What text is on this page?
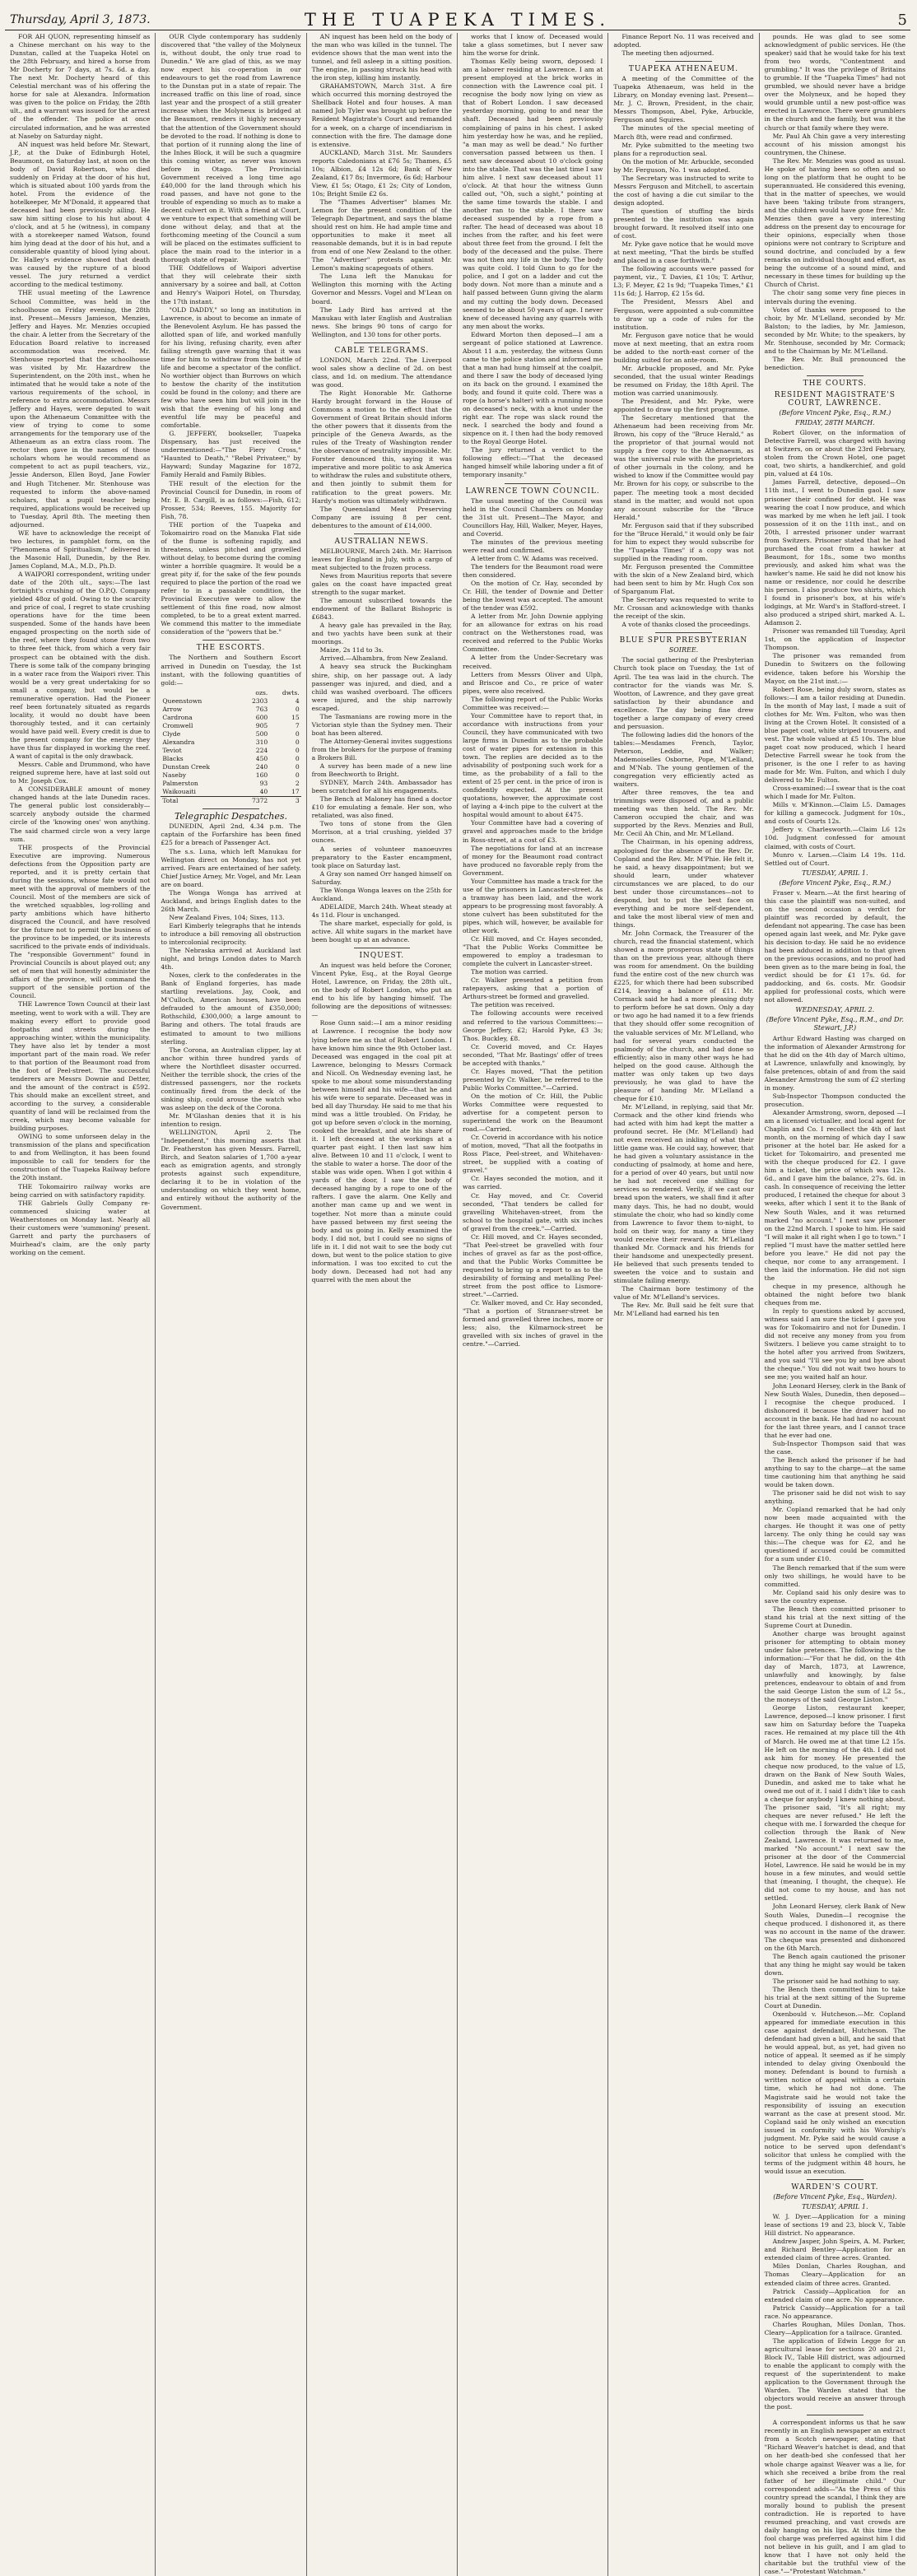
Thursday, April 3, 1873.	THE TUAPEKA TIMES.	5

FOR AH QUON, representing himself as a Chinese merchant on his way to the Dunstan, called at the Tuapeka Hotel on the 28th February, and hired a horse from Mr Docherty for 7 days, at 7s. 6d. a day. The next Mr. Docherty heard of this Celestial merchant was of his offering the horse for sale at Alexandra. Information was given to the police on Friday, the 28th ult., and a warrant was issued for the arrest of the offender. The police at once circulated information, and he was arrested at Naseby on Saturday night.

AN inquest was held before Mr. Stewart, J.P., at the Duke of Edinburgh Hotel, Beaumont, on Saturday last, at noon on the body of David Robertson, who died suddenly on Friday at the door of his hut, which is situated about 100 yards from the hotel. From the evidence of the hotelkeeper, Mr M'Donald, it appeared that deceased had been previously ailing. He saw him sitting close to his hut about 4 o'clock, and at 5 he (witness), in company with a storekeeper named Watson, found him lying dead at the door of his hut, and a considerable quantity of blood lying about. Dr. Halley's evidence showed that death was caused by the rupture of a blood vessel. The jury returned a verdict according to the medical testimony.

THE usual meeting of the Lawrence School Committee, was held in the schoolhouse on Friday evening, the 28th inst. Present—Messrs Jamieson, Menzies, Jeffery and Hayes. Mr. Menzies occupied the chair. A letter from the Secretary of the Education Board relative to increased accommodation was received. Mr. Stenhouse reported that the schoolhouse was visited by Mr. Hazardrew the Superintendent, on the 20th inst., when he intimated that he would take a note of the various requirements of the school, in reference to extra accommodation. Messrs Jeffery and Hayes, were deputed to wait upon the Athenaeum Committee with the view of trying to come to some arrangements for the temporary use of the Athenaeum as an extra class room. The rector then gave in the names of those scholars whom he would recommend as competent to act as pupil teachers, viz., Jessie Anderson, Ellen Boyd, Jane Fowler and Hugh Titchener. Mr. Stenhouse was requested to inform the above-named scholars, that a pupil teacher being required, applications would be received up to Tuesday, April 8th. The meeting then adjourned.

WE have to acknowledge the receipt of two lectures, in pamphlet form, on the "Phenomena of Spiritualism," delivered in the Masonic Hall, Dunedin, by the Rev. James Copland, M.A., M.D., Ph.D.

A WAIPORI correspondent, writing under date of the 20th ult., says:—The last fortnight's crushing of the O.P.Q. Company yielded 48oz of gold. Owing to the scarcity and price of coal, I regret to state crushing operations have for the time been suspended. Some of the hands have been engaged prospecting on the north side of the reef, where they found stone from two to three feet thick, from which a very fair prospect can be obtained with the dish. There is some talk of the company bringing in a water race from the Waipori river. This would be a very great undertaking for so small a company, but would be a remunerative operation. Had the Pioneer reef been fortunately situated as regards locality, it would no doubt have been thoroughly tested, and it can certainly would have paid well. Every credit is due to the present company for the energy they have thus far displayed in working the reef. A want of capital is the only drawback.

Messrs. Cable and Drummond, who have reigned supreme here, have at last sold out to Mr. Joseph Cox.

A CONSIDERABLE amount of money changed hands at the late Dunedin races. The general public lost considerably—scarcely anybody outside the charmed circle of the 'knowing ones' won anything. The said charmed circle won a very large sum.

THE prospects of the Provincial Executive are improving. Numerous defections from the Opposition party are reported, and it is pretty certain that during the sessions, whose fate would not meet with the approval of members of the Council. Most of the members are sick of the wretched squabbles, log-rolling and party ambitions which have hitherto disgraced the Council, and have resolved for the future not to permit the business of the province to be impeded, or its interests sacrificed to the private ends of individuals. The "responsible Government" found in Provincial Councils is about played out; any set of men that will honestly administer the affairs of the province, will command the support of the sensible portion of the Council.

THE Lawrence Town Council at their last meeting, went to work with a will. They are making every effort to provide good footpaths and streets during the approaching winter, within the municipality. They have also let by tender a most important part of the main road. We refer to that portion of the Beaumont road from the foot of Peel-street. The successful tenderers are Messrs Downie and Detter, and the amount of the contract is £592. This should make an excellent street, and according to the survey, a considerable quantity of land will be reclaimed from the creek, which may become valuable for building purposes.

OWING to some unforseen delay in the transmission of the plans and specification to and from Wellington, it has been found impossible to call for tenders for the construction of the Tuapeka Railway before the 20th instant.

THE Tokomairiro railway works are being carried on with satisfactory rapidity.

THE Gabriels Gully Company re-commenced sluicing water at Weatherstones on Monday last. Nearly all their customers were 'summoning' present. Garrett and party the purchasers of Muirhead's claim, are the only party working on the cement.

OUR Clyde contemporary has suddenly discovered that "the valley of the Molyneux is, without doubt, the only true road to Dunedin." We are glad of this, as we may now expect his co-operation in our endeavours to get the road from Lawrence to the Dunstan put in a state of repair. The increased traffic on this line of road, since last year and the prospect of a still greater increase when the Molyneux is bridged at the Beaumont, renders it highly necessary that the attention of the Government should be devoted to the road. If nothing is done to that portion of it running along the line of the Inhes Block, it will be such a quagmire this coming winter, as never was known before in Otago. The Provincial Government received a long time ago £40,000 for the land through which his road passes, and have not gone to the trouble of expending so much as to make a decent culvert on it. With a friend at Court, we venture to expect that something will be done without delay, and that at the forthcoming meeting of the Council a sum will be placed on the estimates sufficient to place the main road to the interior in a thorough state of repair.

THE Oddfellows of Waipori advertise that they will celebrate their sixth anniversary by a soiree and ball, at Cotton and Henry's Waipori Hotel, on Thursday, the 17th instant.

"OLD DADDY," so long an institution in Lawrence, is about to become an inmate of the Benevolent Asylum. He has passed the allotted span of life, and worked manfully for his living, refusing charity, even after failing strength gave warning that it was time for him to withdraw from the battle of life and become a spectator of the conflict. No worthier object than Burrows on which to bestow the charity of the institution could be found in the colony; and there are few who have seen him but will join in the wish that the evening of his long and eventful life may be peaceful and comfortable.

G. JEFFERY, bookseller, Tuapeka Dispensary, has just received the undermentioned:—"The Fiery Cross," "Haunted to Death," "Rebel Privateer," by Hayward; Sunday Magazine for 1872, Family Herald and Family Bibles.

THE result of the election for the Provincial Council for Dunedin, in room of Mr. E. B. Cargill, is as follows:—Fish, 612; Prosser, 534; Reeves, 155. Majority for Fish, 78.

THE portion of the Tuapeka and Tokomairiro road on the Manuka Flat side of the flume is softening rapidly, and threatens, unless pitched and gravelled without delay, to become during the coming winter a horrible quagmire. It would be a great pity if, for the sake of the few pounds required to place the portion of the road we refer to in a passable condition, the Provincial Executive were to allow the settlement of this fine road, now almost completed, to be to a great extent marred. We commend this matter to the immediate consideration of the "powers that be."

THE ESCORTS.

The Northern and Southern Escort arrived in Dunedin on Tuesday, the 1st instant, with the following quantities of gold:—

	ozs.	dwts.
Queenstown	2303	4
Arrow	763	0
Cardrona	600	15
Cromwell	905	7
Clyde	500	0
Alexandra	310	0
Teviot	224	0
Blacks	450	0
Dunstan Creek	240	0
Naseby	160	0
Palmerston	93	2
Waikouaiti	40	17
Total	7372	3
Telegraphic Despatches.

DUNEDIN, April 2nd, 4.34 p.m. The captain of the Forfarshire has been fined £25 for a breach of Passenger Act.

The s.s. Luna, which left Manukau for Wellington direct on Monday, has not yet arrived. Fears are entertained of her safety. Chief Justice Arney, Mr. Vogel, and Mr. Lean are on board.

The Wonga Wonga has arrived at Auckland, and brings English dates to the 26th March.

New Zealand Fives, 104; Sixes, 113.

Earl Kimberly telegraphs that he intends to introduce a bill removing all obstruction to intercolonial reciprocity.

The Nebraska arrived at Auckland last night, and brings London dates to March 4th.

Noxes, clerk to the confederates in the Bank of England forgeries, has made startling revelations. Jay, Cook, and M'Culloch, American houses, have been defrauded to the amount of £350,000; Rothschild, £300,000; a large amount to Baring and others. The total frauds are estimated to amount to two millions sterling.

The Corona, an Australian clipper, lay at anchor within three hundred yards of where the Northfleet disaster occurred. Neither the terrible shock, the cries of the distressed passengers, nor the rockets continually fired from the deck of the sinking ship, could arouse the watch who was asleep on the deck of the Corona.

Mr. M'Glashan denies that it is his intention to resign.

WELLINGTON, April 2. The "Independent," this morning asserts that Dr. Featherston has given Messrs. Farrell, Birch, and Seaton salaries of 1,700 a-year each as emigration agents, and strongly protests against such expenditure, declaring it to be in violation of the understanding on which they went home, and entirely without the authority of the Government.

AN inquest has been held on the body of the man who was killed in the tunnel. The evidence shows that the man went into the tunnel, and fell asleep in a sitting position. The engine, in passing struck his head with the iron step, killing him instantly.

GRAHAMSTOWN, March 31st. A fire which occurred this morning destroyed the Shellback Hotel and four houses. A man named Job Tyler was brought up before the Resident Magistrate's Court and remanded for a week, on a charge of incendiarism in connection with the fire. The damage done is extensive.

AUCKLAND, March 31st. Mr. Saunders reports Caledonians at £76 5s; Thames, £5 10s; Albion, £4 12s 6d; Bank of New Zealand, £17 8s; Invermore, 6s 6d; Harbour View, £1 5s; Otago, £1 2s; City of London, 10s; Bright Smile £2 6s.

The "Thames Advertiser" blames Mr. Lemon for the present condition of the Telegraph Department, and says the blame should rest on him. He had ample time and opportunities to make it meet all reasonable demands, but it is in bad repute from end of one New Zealand to the other. The "Advertiser" protests against Mr. Lemon's making scapegoats of others.

The Luna left the Manukau for Wellington this morning with the Acting Governor and Messrs. Vogel and M'Lean on board.

The Lady Bird has arrived at the Manukau with later English and Australian news. She brings 90 tons of cargo for Wellington, and 130 tons for other ports.

CABLE TELEGRAMS.

LONDON, March 22nd. The Liverpool wool sales show a decline of 2d. on best class, and 1d. on medium. The attendance was good.

The Right Honorable Mr. Gathorne Hardy brought forward in the House of Commons a motion to the effect that the Government of Great Britain should inform the other powers that it dissents from the principle of the Geneva Awards, as the rules of the Treaty of Washington render the observance of neutrality impossible. Mr. Forster denounced this, saying it was imperative and more politic to ask America to withdraw the rules and substitute others, and then jointly to submit them for ratification to the great powers. Mr. Hardy's motion was ultimately withdrawn.

The Queensland Meat Preserving Company are issuing 8 per cent. debentures to the amount of £14,000.

AUSTRALIAN NEWS.

MELBOURNE, March 24th. Mr. Harrison leaves for England in July, with a cargo of meat subjected to the frozen process.

News from Mauritius reports that severe gales on the coast have impacted great strength to the sugar market.

The amount subscribed towards the endowment of the Ballarat Bishopric is £6843.

A heavy gale has prevailed in the Bay, and two yachts have been sunk at their moorings.

Maize, 2s 11d to 3s.

Arrived.—Alhambra, from New Zealand.

A heavy sea struck the Buckingham shire, ship, on her passage out. A lady passenger was injured, and died, and a child was washed overboard. The officers were injured, and the ship narrowly escaped.

The Tasmanians are rowing more in the Victorian style than the Sydney men. Their boat has been altered.

The Attorney-General invites suggestions from the brokers for the purpose of framing a Brokers Bill.

A survey has been made of a new line from Beechworth to Bright.

SYDNEY, March 24th. Ambassador has been scratched for all his engagements.

The Bench at Maloney has fined a doctor £10 for emulating a female. Her son, who retaliated, was also fined.

Two tons of stone from the Glen Morrison, at a trial crushing, yielded 37 ounces.

A series of volunteer manoeuvres preparatory to the Easter encampment, took place on Saturday last.

A Gray son named Orr hanged himself on Saturday.

The Wonga Wonga leaves on the 25th for Auckland.

ADELAIDE, March 24th. Wheat steady at 4s 11d. Flour is unchanged.

The share market, especially for gold, is active. All white sugars in the market have been bought up at an advance.

INQUEST.

An inquest was held before the Coroner, Vincent Pyke, Esq., at the Royal George Hotel, Lawrence, on Friday, the 28th ult., on the body of Robert London, who put an end to his life by hanging himself. The following are the depositions of witnesses:—

Rose Gunn said:—I am a minor residing at Lawrence. I recognise the body now lying before me as that of Robert London. I have known him since the 9th October last. Deceased was engaged in the coal pit at Lawrence, belonging to Messrs Cormack and Nicoll. On Wednesday evening last, he spoke to me about some misunderstanding between himself and his wife—that he and his wife were to separate. Deceased was in bed all day Thursday. He said to me that his mind was a little troubled. On Friday, he got up before seven o'clock in the morning, cooked the breakfast, and ate his share of it. I left deceased at the workings at a quarter past eight. I then last saw him alive. Between 10 and 11 o'clock, I went to the stable to water a horse. The door of the stable was wide open. When I got within 4 yards of the door, I saw the body of deceased hanging by a rope to one of the rafters. I gave the alarm. One Kelly and another man came up and we went in together. Not more than a minute could have passed between my first seeing the body and us going in. Kelly examined the body. I did not, but I could see no signs of life in it. I did not wait to see the body cut down, but went to the police station to give information. I was too excited to cut the body down. Deceased had not had any quarrel with the men about the

works that I know of. Deceased would take a glass sometimes, but I never saw him the worse for drink.

Thomas Kelly being sworn, deposed: I am a laborer residing at Lawrence. I am at present employed at the brick works in connection with the Lawrence coal pit. I recognise the body now lying on view as that of Robert London. I saw deceased yesterday morning, going to and near the shaft. Deceased had been previously complaining of pains in his chest. I asked him yesterday how he was, and he replied, "a man may as well be dead." No further conversation passed between us then. I next saw deceased about 10 o'clock going into the stable. That was the last time I saw him alive. I next saw deceased about 11 o'clock. At that hour the witness Gunn called out, "Oh, such a sight," pointing at the same time towards the stable. I and another ran to the stable. I there saw deceased suspended by a rope from a rafter. The head of deceased was about 18 inches from the rafter, and his feet were about three feet from the ground. I felt the body of the deceased and the pulse. There was not then any life in the body. The body was quite cold. I told Gunn to go for the police, and I got on a ladder and cut the body down. Not more than a minute and a half passed between Gunn giving the alarm and my cutting the body down. Deceased seemed to be about 50 years of age. I never knew of deceased having any quarrels with any men about the works.

Edward Morton then deposed—I am a sergeant of police stationed at Lawrence. About 11 a.m. yesterday, the witness Gunn came to the police station and informed me that a man had hung himself at the coalpit, and there I saw the body of deceased lying on its back on the ground. I examined the body, and found it quite cold. There was a rope (a horse's halter) with a running noose on deceased's neck, with a knot under the right ear. The rope was slack round the neck. I searched the body and found a sixpence on it. I then had the body removed to the Royal George Hotel.

The jury returned a verdict to the following effect:—"That the deceased hanged himself while laboring under a fit of temporary insanity."

LAWRENCE TOWN COUNCIL.

The usual meeting of the Council was held in the Council Chambers on Monday the 31st ult. Present—The Mayor, and Councillors Hay, Hill, Walker, Meyer, Hayes, and Coverid.

The minutes of the previous meeting were read and confirmed.

A letter from C. W. Adams was received.

The tenders for the Beaumont road were then considered.

On the motion of Cr. Hay, seconded by Cr. Hill, the tender of Downie and Detter being the lowest was accepted. The amount of the tender was £592.

A letter from Mr. John Downie applying for an allowance for extras on his road contract on the Wetherstones road, was received and referred to the Public Works Committee.

A letter from the Under-Secretary was received.

Letters from Messrs Oliver and Ulph, and Briscoe and Co., re price of water pipes, were also received.

The following report of the Public Works Committee was received:—

Your Committee have to report that, in accordance with instructions from your Council, they have communicated with two large firms in Dunedin as to the probable cost of water pipes for extension in this town. The replies are decided as to the advisability of postponing such work for a time, as the probability of a fall to the extent of 25 per cent. in the price of iron is confidently expected. At the present quotations, however, the approximate cost of laying a 4-inch pipe to the culvert at the hospital would amount to about £475.

Your Committee have had a covering of gravel and approaches made to the bridge in Ross-street, at a cost of £3.

The negotiations for land at an increase of money for the Beaumont road contract have produced no favorable reply from the Government.

Your Committee has made a track for the use of the prisoners in Lancaster-street. As a tramway has been laid, and the work appears to be progressing most favorably. A stone culvert has been substituted for the pipes, which will, however, be available for other work.

Cr. Hill moved, and Cr. Hayes seconded, "That the Public Works Committee be empowered to employ a tradesman to complete the culvert in Lancaster-street.

The motion was carried.

Cr. Walker presented a petition from ratepayers, asking that a portion of Arthurs-street be formed and gravelled.

The petition was received.

The following accounts were received and referred to the various Committees:—George Jeffery, £2; Harold Pyke, £3 3s; Thos. Buckley, £8.

Cr. Coverid moved, and Cr. Hayes seconded, "That Mr. Bastings' offer of trees be accepted with thanks."

Cr. Hayes moved, "That the petition presented by Cr. Walker, be referred to the Public Works Committee."—Carried.

On the motion of Cr. Hill, the Public Works Committee were requested to advertise for a competent person to superintend the work on the Beaumont road.—Carried.

Cr. Coverid in accordance with his notice of motion, moved, "That all the footpaths in Ross Place, Peel-street, and Whitehaven-street, be supplied with a coating of gravel."

Cr. Hayes seconded the motion, and it was carried.

Cr. Hay moved, and Cr. Coverid seconded, "That tenders be called for gravelling Whitehaven-street, from the school to the hospital gate, with six inches of gravel from the creek."—Carried.

Cr. Hill moved, and Cr. Hayes seconded, "That Peel-street be gravelled with four inches of gravel as far as the post-office, and that the Public Works Committee be requested to bring up a report to as to the desirability of forming and metalling Peel-street from the post office to Lismore-street."—Carried.

Cr. Walker moved, and Cr. Hay seconded, "That a portion of Stranraer-street be formed and gravelled three inches, more or less; also, the Kilmarnock-street be gravelled with six inches of gravel in the centre."—Carried.

Finance Report No. 11 was received and adopted.

The meeting then adjourned.

TUAPEKA ATHENAEUM.

A meeting of the Committee of the Tuapeka Athenaeum, was held in the Library, on Monday evening last. Present—Mr. J. C. Brown, President, in the chair, Messrs Thompson, Abel, Pyke, Arbuckle, Ferguson and Squires.

The minutes of the special meeting of March 8th, were read and confirmed.

Mr. Pyke submitted to the meeting two plans for a reproduction seal.

On the motion of Mr. Arbuckle, seconded by Mr. Ferguson, No. 1 was adopted.

The Secretary was instructed to write to Messrs Ferguson and Mitchell, to ascertain the cost of having a die cut similar to the design adopted.

The question of stuffing the birds presented to the institution was again brought forward. It resolved itself into one of cost.

Mr. Pyke gave notice that he would move at next meeting, "That the birds be stuffed and placed in a case forthwith."

The following accounts were passed for payment, viz., T. Davies, £1 10s; T. Arthur, L3; F. Meyer, £2 1s 9d; "Tuapeka Times," £1 11s 6d; J. Harrop, £2 15s 6d.

The President, Messrs Abel and Ferguson, were appointed a sub-committee to draw up a code of rules for the institution.

Mr. Ferguson gave notice that he would move at next meeting, that an extra room be added to the north-east corner of the building suited for an ante-room.

Mr. Arbuckle proposed, and Mr. Pyke seconded, that the usual winter Readings be resumed on Friday, the 18th April. The motion was carried unanimously.

The President, and Mr. Pyke, were appointed to draw up the first programme.

The Secretary mentioned that the Athenaeum had been receiving from Mr. Brown, his copy of the "Bruce Herald," as the proprietor of that journal would not supply a free copy to the Athenaeum, as was the universal rule with the proprietors of other journals in the colony, and he wished to know if the Committee would pay Mr. Brown for his copy, or subscribe to the paper. The meeting took a most decided stand in the matter, and would not upon any account subscribe for the "Bruce Herald."

Mr. Ferguson said that if they subscribed for the "Bruce Herald," it would only be fair for him to expect they would subscribe for the "Tuapeka Times" if a copy was not supplied in the reading room.

Mr. Ferguson presented the Committee with the skin of a New Zealand bird, which had been sent to him by Mr. Hugh Cox son of Sparganum Flat.

The Secretary was requested to write to Mr. Crossan and acknowledge with thanks the receipt of the skin.

A vote of thanks closed the proceedings.

BLUE SPUR PRESBYTERIAN
SOIREE.

The social gathering of the Presbyterian Church took place on Tuesday, the 1st of April. The tea was laid in the church. The contractor for the viands was Mr. S. Wootton, of Lawrence, and they gave great satisfaction by their abundance and excellence. The day being fine drew together a large company of every creed and persuasion.

The following ladies did the honors of the tables:—Mesdames French, Taylor, Peterson, Leddie, and Walker; Mademoiselles Osborne, Pope, M'Lelland, and M'Nab. The young gentlemen of the congregation very efficiently acted as waiters.

After three removes, the tea and trimmings were disposed of, and a public meeting was then held. The Rev. Mr. Cameron occupied the chair, and was supported by the Revs. Menzies and Bull, Mr. Cecil Ah Chin, and Mr. M'Lelland.

The Chairman, in his opening address, apologised for the absence of the Rev. Dr. Copland and the Rev. Mr. M'Phie. He felt it, he said, a heavy disappointment; but we should learn, under whatever circumstances we are placed, to do our best under those circumstances—not to despond, but to put the best face on everything and be more self-dependent, and take the most liberal view of men and things.

Mr. John Cormack, the Treasurer of the church, read the financial statement, which showed a more prosperous state of things than on the previous year, although there was room for amendment. On the building fund the entire cost of the new church was £225, for which there had been subscribed £214, leaving a balance of £11. Mr. Cormack said he had a more pleasing duty to perform before he sat down. Only a day or two ago he had named it to a few friends that they should offer some recognition of the valuable services of Mr. M'Lelland, who had for several years conducted the psalmody of the church, and had done so efficiently; also in many other ways he had helped on the good cause. Although the matter was only taken up two days previously, he was glad to have the pleasure of handing Mr. M'Lelland a cheque for £10.

Mr. M'Lelland, in replying, said that Mr. Cormack and the other kind friends who had acted with him had kept the matter a profound secret. He (Mr. M'Lelland) had not even received an inkling of what their little game was. He could say, however, that he had given a voluntary assistance in the conducting of psalmody, at home and here, for a period of over 40 years, but until now he had not received one shilling for services so rendered. Verily, if we cast our bread upon the waters, we shall find it after many days. This, he had no doubt, would stimulate the choir, who had so kindly come from Lawrence to favor them to-night, to hold on their way, for many a time they would receive their reward. Mr. M'Lelland thanked Mr. Cormack and his friends for their handsome and unexpectedly present. He believed that such presents tended to sweeten the voice and to sustain and stimulate failing energy.

The Chairman bore testimony of the value of Mr. M'Lelland's services.

The Rev. Mr. Bull said he felt sure that Mr. M'Lelland had earned his ten

pounds. He was glad to see some acknowledgment of public services. He (the speaker) said that he would take for his text from two words, "Contentment and grumbling." It was the privilege of Britains to grumble. If the "Tuapeka Times" had not grumbled, we should never have a bridge over the Molyneux, and he hoped they would grumble until a new post-office was erected in Lawrence. There were grumblers in the church and the family, but was it the church or that family where they were.

Mr. Paul Ah Chin gave a very interesting account of his mission amongst his countrymen, the Chinese.

The Rev. Mr. Menzies was good as usual. He spoke of having been so often and so long on the platform that he ought to be superannuated. He considered this evening, that in the matter of speeches, we would have been 'taking tribute from strangers, and the children would have gone free.' Mr. Menzies then gave a very interesting address on the present day to encourage for their opinions, especially when those opinions were not contrary to Scripture and sound doctrine, and concluded by a few remarks on individual thought and effort, as being the outcome of a sound mind, and necessary in these times for building up the Church of Christ.

The choir sang some very fine pieces in intervals during the evening.

Votes of thanks were proposed to the choir, by Mr. M'Lelland, seconded by Mr. Balston; to the ladies, by Mr. Jamieson, seconded by Mr. White; to the speakers, by Mr. Stenhouse, seconded by Mr. Cormack; and to the Chairman by Mr. M'Lelland.

The Rev. Mr. Bull pronounced the benediction.

THE COURTS.
RESIDENT MAGISTRATE'S COURT, LAWRENCE.
(Before Vincent Pyke, Esq., R.M.)
FRIDAY, 28TH MARCH.

Robert Glover, on the information of Detective Farrell, was charged with having at Switzers, on or about the 23rd February, stolen from the Crown Hotel, one paget coat, two shirts, a handkerchief, and gold pin, valued at £4 10s.

James Farrell, detective, deposed—On 11th inst., I went to Dunedin gaol. I saw prisoner their confined for debt. He was wearing the coat I now produce, and which was marked by me when he left jail. I took possession of it on the 11th inst., and on 20th, I arrested prisoner under warrant from Switzers. Prisoner stated that he had purchased the coat from a hawker at Beaumont, for 18s., some two months previously, and asked him what was the hawker's name. He said he did not know his name or residence, nor could he describe his person. I also produce two shirts, which I found in prisoner's box, at his wife's lodgings, at Mr. Ward's in Stafford-street. I also produced a striped shirt, marked A. L. Adamson 2.

Prisoner was remanded till Tuesday, April 1st, on the application of Inspector Thompson.

The prisoner was remanded from Dunedin to Switzers on the following evidence, taken before his Worship the Mayor, on the 21st inst.:—

Robert Rose, being duly sworn, states as follows:—I am a tailor residing at Dunedin. In the month of May last, I made a suit of clothes for Mr. Wm. Fulton, who was then living at the Crown Hotel. It consisted of a blue paget coat, white striped trousers, and vest. The whole valued at £5 10s. The blue paget coat now produced, which I heard Detective Farrell swear he took from the prisoner, is the one I refer to as having made for Mr. Wm. Fulton, and which I duly delivered to Mr. Fulton.

Cross-examined:—I swear that is the coat which I made for Mr. Fulton.

Mills v. M'Kinnon.—Claim L5. Damages for killing a gamecock. Judgment for 10s., and costs of Courts 12s.

Jeffery v. Charlesworth.—Claim L6 12s 10d. Judgment confessed for amount claimed, with costs of Court.

Munro v. Larsen.—Claim L4 19s. 11d. Settled out of Court.

TUESDAY, APRIL 1.
(Before Vincent Pyke, Esq., R.M.)

Fraser v. Mearn.—At the first hearing of this case the plaintiff was non-suited, and on the second occasion a verdict for plaintiff was recorded by default, the defendant not appearing. The case has been opened again last week, and Mr. Pyke gave his decision to-day. He said he no evidence had been adduced in addition to that given on the previous occasions, and no proof had been given as to the mare being in foal, the verdict should be for £1 17s. 6d. for paddocking, and 6s. costs. Mr. Goodsir applied for professional costs, which were not allowed.

WEDNESDAY, APRIL 2.
(Before Vincent Pyke, Esq., R.M., and Dr. Stewart, J.P.)

Arthur Edward Hasting was charged on the information of Alexander Armstrong for that he did on the 4th day of March ultimo, at Lawrence, unlawfully and knowingly, by false pretences, obtain of and from the said Alexander Armstrong the sum of £2 sterling in money.

Sub-Inspector Thompson conducted the prosecution.

Alexander Armstrong, sworn, deposed —I am a licensed victualler, and local agent for Chaplin and Co. I recollect the 4th of last month, on the morning of which day I saw prisoner at the hotel bar. He asked for a ticket for Tokomairiro, and presented me with the cheque produced for £2. I gave him a ticket, the price of which was 12s. 6d., and I gave him the balance, 27s. 6d. in cash. In consequence of receiving the letter produced, I retained the cheque for about 3 weeks, after which I sent it to the Bank of New South Wales, and it was returned marked "no account." I next saw prisoner on the 22nd March. I spoke to him. He said "I will make it all right when I go to town." I replied "I must have the matter settled here before you leave." He did not pay the cheque, nor come to any arrangement. I then laid the information. He did not sign the

cheque in my presence, although he obtained the night before two blank cheques from me.

In reply to questions asked by accused, witness said I am sure the ticket I gave you was for Tokomairiro and not for Dunedin. I did not receive any money from you from Switzers. I believe you came straight to to the hotel after you arrived from Switzers, and you said "I'll see you by and bye about the cheque." You did not wait two hours to see me; you waited half an hour.

John Leonard Hersey, clerk in the Bank of New South Wales, Dunedin, then deposed—I recognise the cheque produced. I dishonored it because the drawer had no account in the bank. He had had no account for the last three years, and I cannot trace that he ever had one.

Sub-Inspector Thompson said that was the case.

The Bench asked the prisoner if he had anything to say to the charge—at the same time cautioning him that anything he said would be taken down.

The prisoner said he did not wish to say anything.

Mr. Copland remarked that he had only now been made acquainted with the charges. He thought it was one of petty larceny. The only thing he could say was this:—The cheque was for £2, and he questioned if accused could be committed for a sum under £10.

The Bench remarked that if the sum were only two shillings, he would have to be committed.

Mr. Copland said his only desire was to save the country expense.

The Bench then committed prisoner to stand his trial at the next sitting of the Supreme Court at Dunedin.

Another charge was brought against prisoner for attempting to obtain money under false pretences. The following is the information:—"For that he did, on the 4th day of March, 1873, at Lawrence, unlawfully and knowingly, by false pretences, endeavour to obtain of and from the said George Liston the sum of L2 5s., the moneys of the said George Liston."

George Liston, restaurant keeper, Lawrence, deposed—I know prisoner. I first saw him on Saturday before the Tuapeka races. He remained at my place till the 4th of March. He owed me at that time L2 15s. He left on the morning of the 4th. I did not ask him for money. He presented the cheque now produced, to the value of L5, drawn on the Bank of New South Wales, Dunedin, and asked me to take what he owed me out of it. I said I didn't like to cash a cheque for anybody I knew nothing about. The prisoner said, "It's all right; my cheques are never refused." He left the cheque with me. I forwarded the cheque for collection through the Bank of New Zealand, Lawrence. It was returned to me, marked "No account." I next saw the prisoner at the door of the Commercial Hotel, Lawrence. He said he would be in my house in a few minutes, and would settle that (meaning, I thought, the cheque). He did not come to my house, and has not settled.

John Leonard Hersey, clerk Bank of New South Wales, Dunedin—I recognise the cheque produced. I dishonored it, as there was no account in the name of the drawer. The cheque was presented and dishonored on the 6th March.

The Bench again cautioned the prisoner that any thing he might say would be taken down.

The prisoner said he had nothing to say.

The Bench then committed him to take his trial at the next sitting of the Supreme Court at Dunedin.

Oxenbould v. Hutcheson.—Mr. Copland appeared for immediate execution in this case against defendant, Hutcheson. The defendant had given a bill, and he said that he would appeal, but, as yet, had given no notice of appeal. It seemed as if he simply intended to delay giving Oxenbould the money. Defendant is bound to furnish a written notice of appeal within a certain time, which he had not done. The Magistrate said he would not take the responsibility of issuing an execution warrant as the case at present stood. Mr. Copland said he only wished an execution issued in conformity with his Worship's judgment. Mr. Pyke said he would cause a notice to be served upon defendant's solicitor that unless he complied with the terms of the judgment within 48 hours, he would issue an execution.

WARDEN'S COURT.
(Before Vincent Pyke, Esq., Warden).
TUESDAY, APRIL 1.

W. J. Dyer.—Application for a mining lease of sections 19 and 23, block V., Table Hill district. No appearance.

Andrew Jasper, John Speirs, A. M. Parker, and Richard Bentley—Application for an extended claim of three acres. Granted.

Miles Donlan, Charles Roughan, and Thomas Cleary—Application for an extended claim of three acres. Granted.

Patrick Cassidy—Application for an extended claim of one acre. No appearance.

Patrick Cassidy—Application for a tail race. No appearance.

Charles Roughan, Miles Donlan, Thos. Cleary—Application for a tailrace. Granted.

The application of Edwin Legge for an agricultural lease for sections 20 and 21, Block IV., Table Hill district, was adjourned to enable the applicant to comply with the request of the superintendent to make application to the Government through the Warden. The Warden stated that the objectors would receive an answer through the post.

A correspondent informs us that he saw recently in an English newspaper an extract from a Scotch newspaper, stating that "Richard Weaver's hatchet is dead, and that on her death-bed she confessed that her whole charge against Weaver was a lie, for which she received a bribe from the real father of her illegitimate child." Our correspondent adds—"As the Press of this country spread the scandal, I think they are morally bound to publish the present contradiction. He is reported to have resumed preaching, and vast crowds are daily hanging on his lips. At this time the fool charge was preferred against him I did not believe in his guilt, and I am glad to know that I have not only held the charitable but the truthful view of the case."—"Protestant Watchman."
